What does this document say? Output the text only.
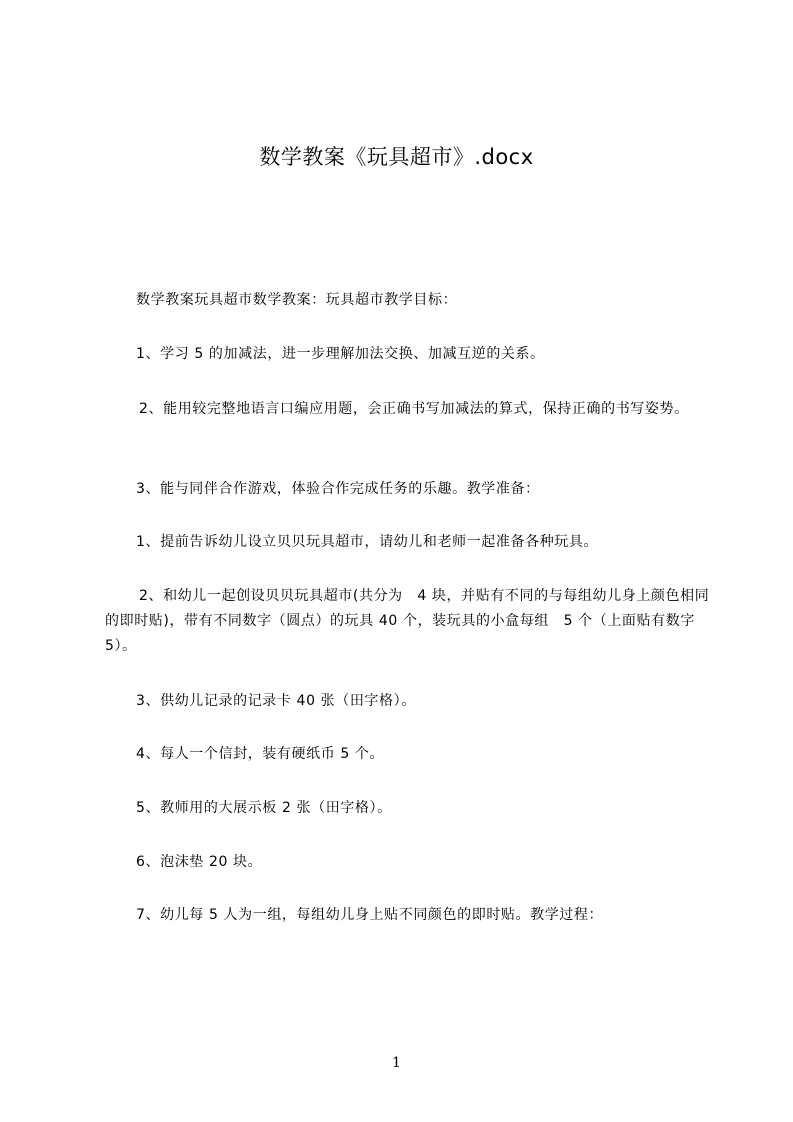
数学教案《玩具超市》.docx

数学教案玩具超市数学教案：玩具超市教学目标：

1、学习 5 的加减法，进一步理解加法交换、加减互逆的关系。

2、能用较完整地语言口编应用题，会正确书写加减法的算式，保持正确的书写姿势。

3、能与同伴合作游戏，体验合作完成任务的乐趣。教学准备：

1、提前告诉幼儿设立贝贝玩具超市，请幼儿和老师一起准备各种玩具。

2、和幼儿一起创设贝贝玩具超市(共分为　4 块，并贴有不同的与每组幼儿身上颜色相同的即时贴)，带有不同数字（圆点）的玩具 40 个，装玩具的小盒每组　5 个（上面贴有数字 5）。

3、供幼儿记录的记录卡 40 张（田字格）。

4、每人一个信封，装有硬纸币 5 个。

5、教师用的大展示板 2 张（田字格）。

6、泡沫垫 20 块。

7、幼儿每 5 人为一组，每组幼儿身上贴不同颜色的即时贴。教学过程：

1
